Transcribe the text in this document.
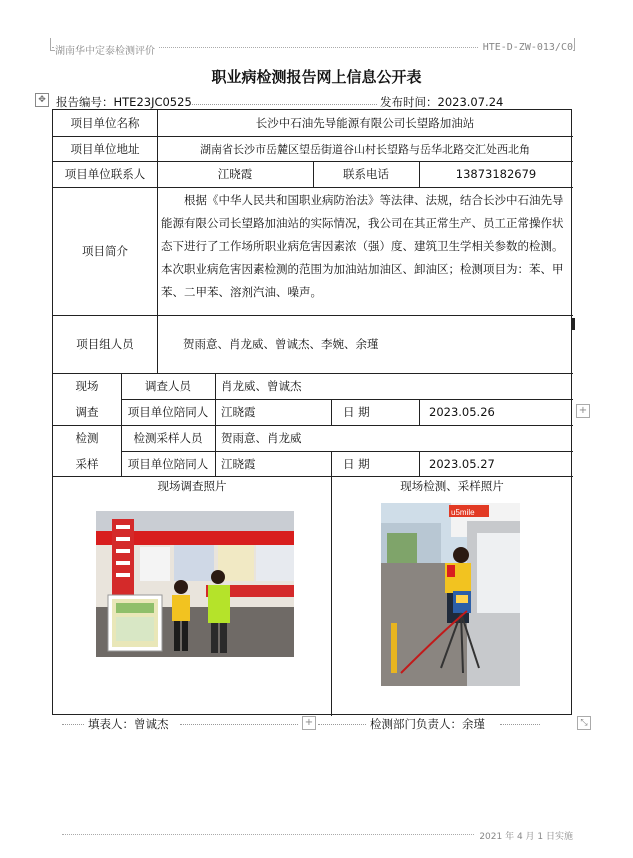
湖南华中定泰检测评价	HTE-D-ZW-013/C0
职业病检测报告网上信息公开表
✥ 报告编号：HTE23JC0525	发布时间：2023.07.24
项目单位名称	长沙中石油先导能源有限公司长望路加油站
项目单位地址	湖南省长沙市岳麓区望岳街道谷山村长望路与岳华北路交汇处西北角
项目单位联系人	江晓霞	联系电话	13873182679
项目简介
根据《中华人民共和国职业病防治法》等法律、法规，结合长沙中石油先导能源有限公司长望路加油站的实际情况，我公司在其正常生产、员工正常操作状态下进行了工作场所职业病危害因素浓（强）度、建筑卫生学相关参数的检测。本次职业病危害因素检测的范围为加油站加油区、卸油区；检测项目为：苯、甲苯、二甲苯、溶剂汽油、噪声。
项目组人员	贺雨意、肖龙威、曾诚杰、李婉、余瑾
现场
调查
调查人员	肖龙威、曾诚杰
项目单位陪同人	江晓霞	日 期	2023.05.26
检测
采样
检测采样人员	贺雨意、肖龙威
项目单位陪同人	江晓霞	日 期	2023.05.27
现场调查照片	现场检测、采样照片
u5mile
+
填表人：曾诚杰	+	检测部门负责人：余瑾	⤡
2021 年 4 月 1 日实施
